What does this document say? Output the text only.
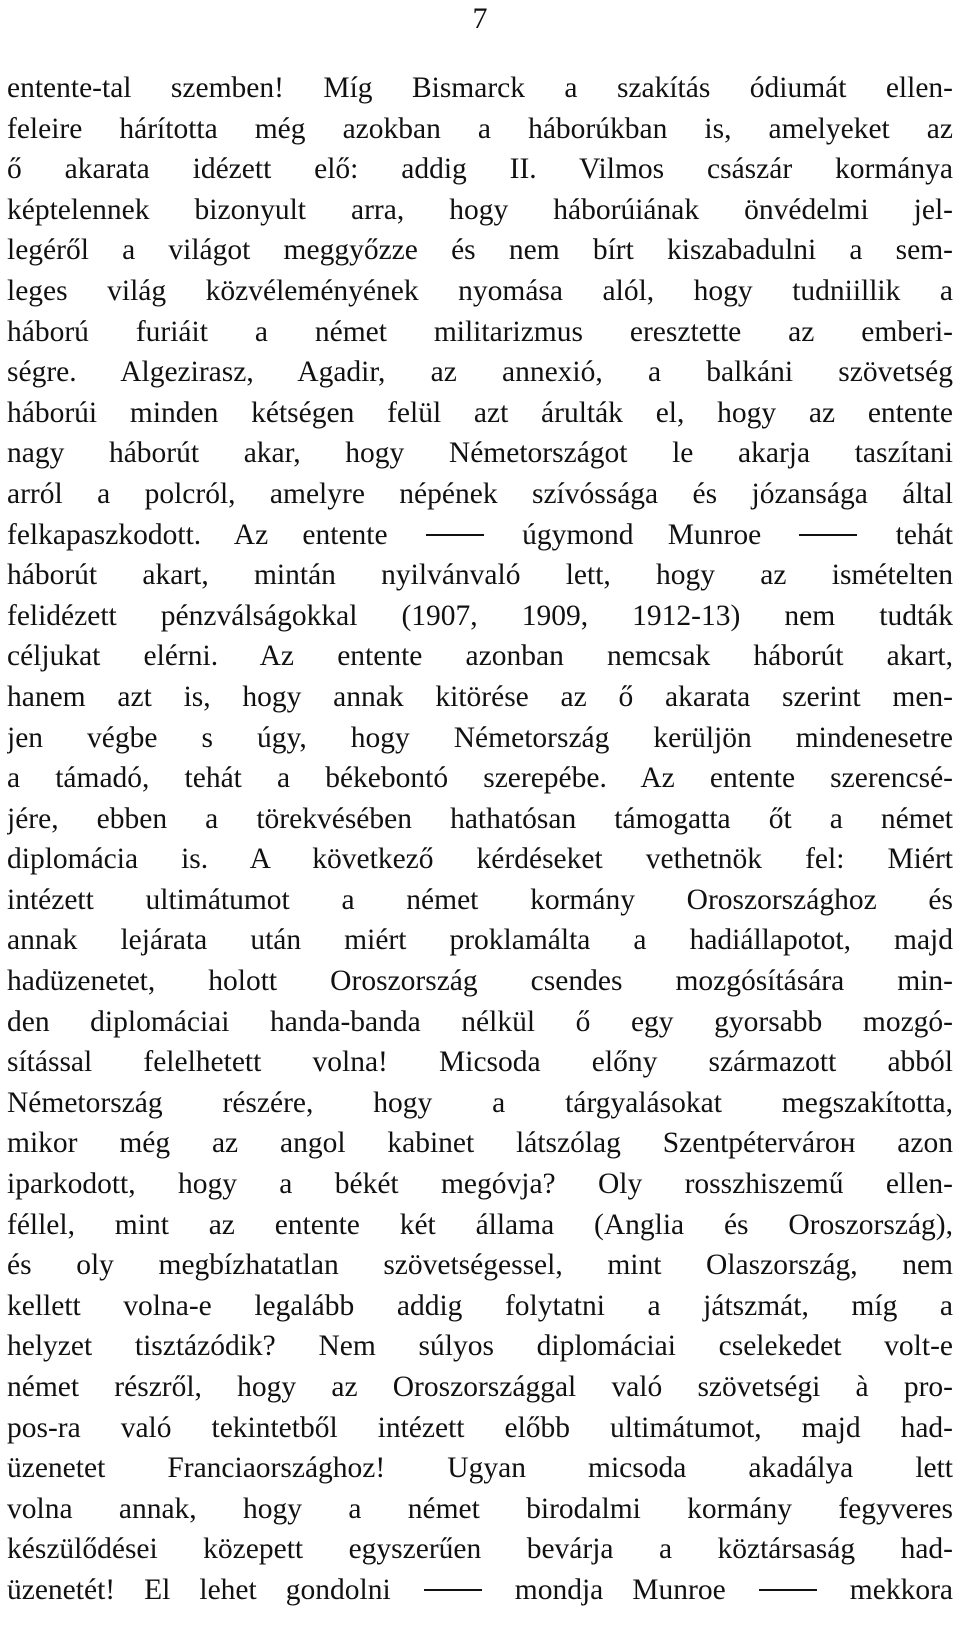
7
entente-tal szemben! Míg Bismarck a szakítás ódiumát ellen-
feleire hárította még azokban a háborúkban is, amelyeket az
ő akarata idézett elő: addig II. Vilmos császár kormánya
képtelennek bizonyult arra, hogy háborúiának önvédelmi jel-
legéről a világot meggyőzze és nem bírt kiszabadulni a sem-
leges világ közvéleményének nyomása alól, hogy tudniillik a
háború furiáit a német militarizmus eresztette az emberi-
ségre. Algezirasz, Agadir, az annexió, a balkáni szövetség
háborúi minden kétségen felül azt árulták el, hogy az entente
nagy háborút akar, hogy Németországot le akarja taszítani
arról a polcról, amelyre népének szívóssága és józansága által
felkapaszkodott. Az entente  úgymond Munroe  tehát
háborút akart, mintán nyilvánvaló lett, hogy az ismételten
felidézett pénzválságokkal (1907, 1909, 1912-13) nem tudták
céljukat elérni. Az entente azonban nemcsak háborút akart,
hanem azt is, hogy annak kitörése az ő akarata szerint men-
jen végbe s úgy, hogy Németország kerüljön mindenesetre
a támadó, tehát a békebontó szerepébe. Az entente szerencsé-
jére, ebben a törekvésében hathatósan támogatta őt a német
diplomácia is. A következő kérdéseket vethetnök fel: Miért
intézett ultimátumot a német kormány Oroszországhoz és
annak lejárata után miért proklamálta a hadiállapotot, majd
hadüzenetet, holott Oroszország csendes mozgósítására min-
den diplomáciai handa-banda nélkül ő egy gyorsabb mozgó-
sítással felelhetett volna! Micsoda előny származott abból
Németország részére, hogy a tárgyalásokat megszakította,
mikor még az angol kabinet látszólag Szentpétervárон azon
iparkodott, hogy a békét megóvja? Oly rosszhiszemű ellen-
féllel, mint az entente két állama (Anglia és Oroszország),
és oly megbízhatatlan szövetségessel, mint Olaszország, nem
kellett volna-e legalább addig folytatni a játszmát, míg a
helyzet tisztázódik? Nem súlyos diplomáciai cselekedet volt-e
német részről, hogy az Oroszországgal való szövetségi à pro-
pos-ra való tekintetből intézett előbb ultimátumot, majd had-
üzenetet Franciaországhoz! Ugyan micsoda akadálya lett
volna annak, hogy a német birodalmi kormány fegyveres
készülődései közepett egyszerűen bevárja a köztársaság had-
üzenetét! El lehet gondolni  mondja Munroe  mekkora
